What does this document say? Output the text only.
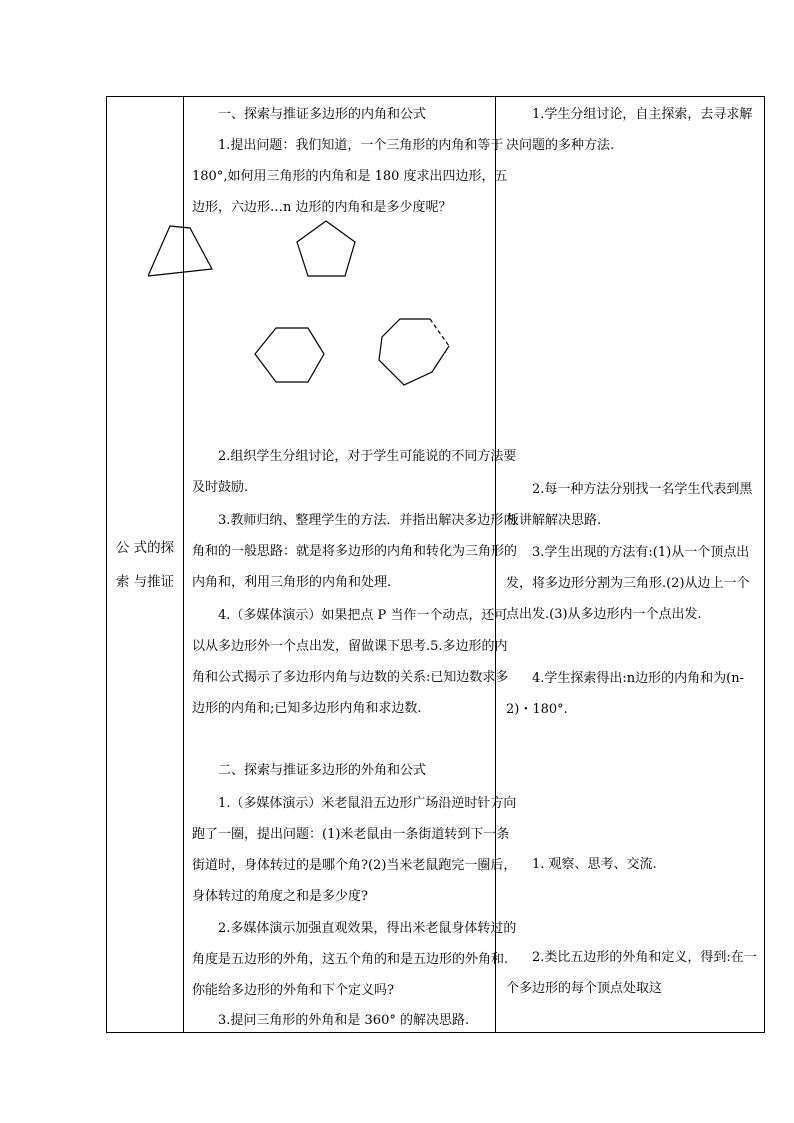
公 式的探索 与推证

一、探索与推证多边形的内角和公式

1.提出问题：我们知道，一个三角形的内角和等于 180°,如何用三角形的内角和是 180 度求出四边形，五边形，六边形…n 边形的内角和是多少度呢？

2.组织学生分组讨论，对于学生可能说的不同方法要及时鼓励.

3.教师归纳、整理学生的方法．并指出解决多边形内角和的一般思路：就是将多边形的内角和转化为三角形的内角和，利用三角形的内角和处理.

4.（多媒体演示）如果把点 P 当作一个动点，还可以从多边形外一个点出发，留做课下思考.5.多边形的内角和公式揭示了多边形内角与边数的关系:已知边数求多边形的内角和;已知多边形内角和求边数.

二、探索与推证多边形的外角和公式

1.（多媒体演示）米老鼠沿五边形广场沿逆时针方向跑了一圈，提出问题：(1)米老鼠由一条街道转到下一条街道时，身体转过的是哪个角?(2)当米老鼠跑完一圈后，身体转过的角度之和是多少度?

2.多媒体演示加强直观效果，得出米老鼠身体转过的角度是五边形的外角，这五个角的和是五边形的外角和.你能给多边形的外角和下个定义吗?

3.提问三角形的外角和是 360° 的解决思路.

1.学生分组讨论，自主探索，去寻求解决问题的多种方法.

2.每一种方法分别找一名学生代表到黑板讲解解决思路.

3.学生出现的方法有:(1)从一个顶点出发，将多边形分割为三角形.(2)从边上一个点出发.(3)从多边形内一个点出发.

4.学生探索得出:n边形的内角和为(n-2)・180°.

1. 观察、思考、交流.

2.类比五边形的外角和定义，得到:在一个多边形的每个顶点处取这
